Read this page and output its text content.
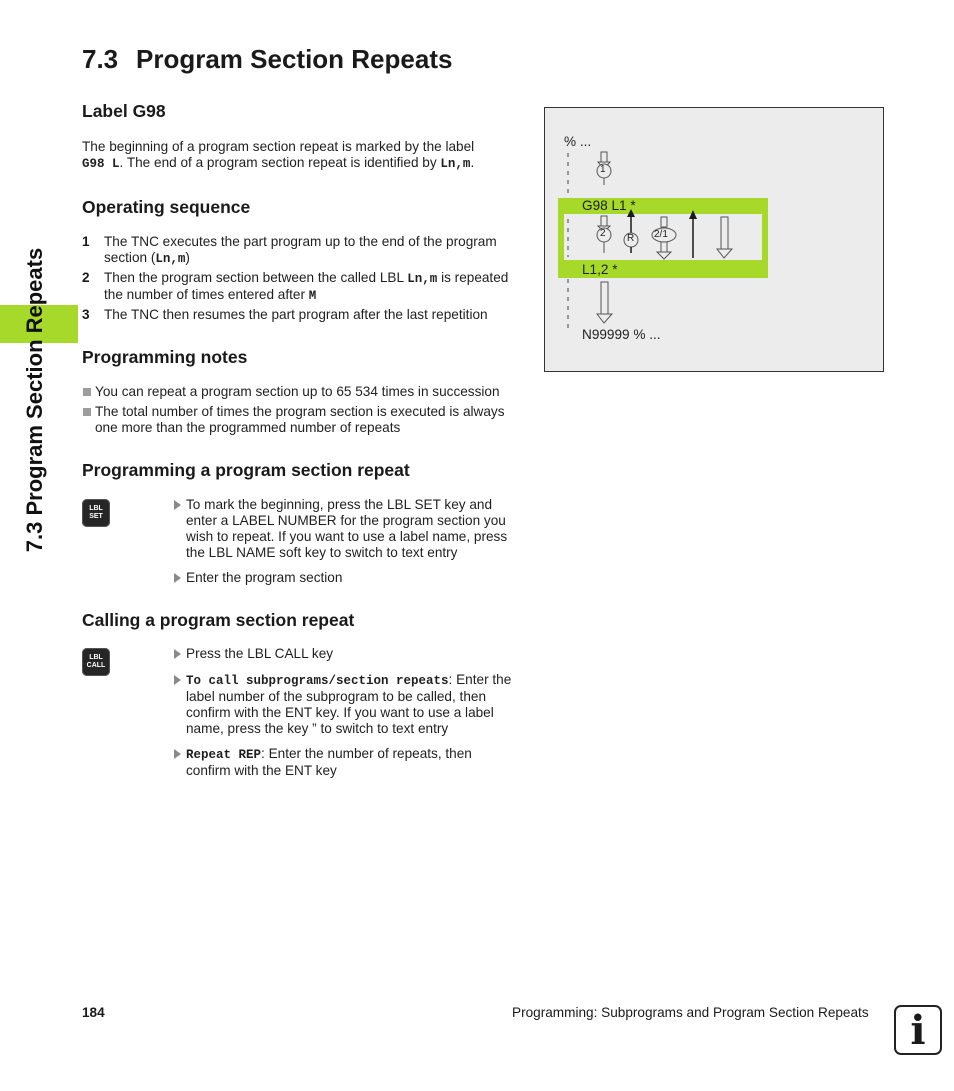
7.3 Program Section Repeats
7.3 Program Section Repeats
Label G98
The beginning of a program section repeat is marked by the label
G98 L. The end of a program section repeat is identified by Ln,m.
Operating sequence
1 The TNC executes the part program up to the end of the program
section (Ln,m)
2 Then the program section between the called LBL Ln,m is repeated
the number of times entered after M
3 The TNC then resumes the part program after the last repetition
Programming notes
You can repeat a program section up to 65 534 times in succession
The total number of times the program section is executed is always
one more than the programmed number of repeats
Programming a program section repeat
LBL
SET
To mark the beginning, press the LBL SET key and
enter a LABEL NUMBER for the program section you
wish to repeat. If you want to use a label name, press
the LBL NAME soft key to switch to text entry
Enter the program section
Calling a program section repeat
LBL
CALL
Press the LBL CALL key
To call subprograms/section repeats: Enter the
label number of the subprogram to be called, then
confirm with the ENT key. If you want to use a label
name, press the key ” to switch to text entry
Repeat REP: Enter the number of repeats, then
confirm with the ENT key
% ...
G98 L1 *
L1,2 *
N99999 % ...
1
2 R 2/1
184	Programming: Subprograms and Program Section Repeats	i
